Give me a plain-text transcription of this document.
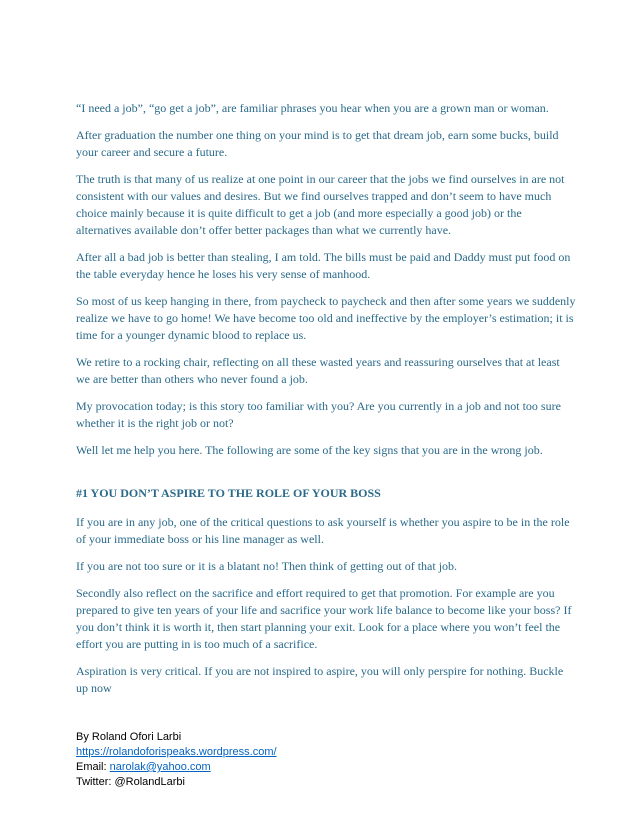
“I need a job”, “go get a job”, are familiar phrases you hear when you are a grown man or woman.

After graduation the number one thing on your mind is to get that dream job, earn some bucks, build your career and secure a future.

The truth is that many of us realize at one point in our career that the jobs we find ourselves in are not consistent with our values and desires. But we find ourselves trapped and don’t seem to have much choice mainly because it is quite difficult to get a job (and more especially a good job) or the alternatives available don’t offer better packages than what we currently have.

After all a bad job is better than stealing, I am told. The bills must be paid and Daddy must put food on the table everyday hence he loses his very sense of manhood.

So most of us keep hanging in there, from paycheck to paycheck and then after some years we suddenly realize we have to go home! We have become too old and ineffective by the employer’s estimation; it is time for a younger dynamic blood to replace us.

We retire to a rocking chair, reflecting on all these wasted years and reassuring ourselves that at least we are better than others who never found a job.

My provocation today; is this story too familiar with you? Are you currently in a job and not too sure whether it is the right job or not?

Well let me help you here. The following are some of the key signs that you are in the wrong job.

#1 YOU DON’T ASPIRE TO THE ROLE OF YOUR BOSS

If you are in any job, one of the critical questions to ask yourself is whether you aspire to be in the role of your immediate boss or his line manager as well.

If you are not too sure or it is a blatant no! Then think of getting out of that job.

Secondly also reflect on the sacrifice and effort required to get that promotion. For example are you prepared to give ten years of your life and sacrifice your work life balance to become like your boss? If you don’t think it is worth it, then start planning your exit. Look for a place where you won’t feel the effort you are putting in is too much of a sacrifice.

Aspiration is very critical. If you are not inspired to aspire, you will only perspire for nothing. Buckle up now

By Roland Ofori Larbi
https://rolandoforispeaks.wordpress.com/
Email: narolak@yahoo.com
Twitter: @RolandLarbi
